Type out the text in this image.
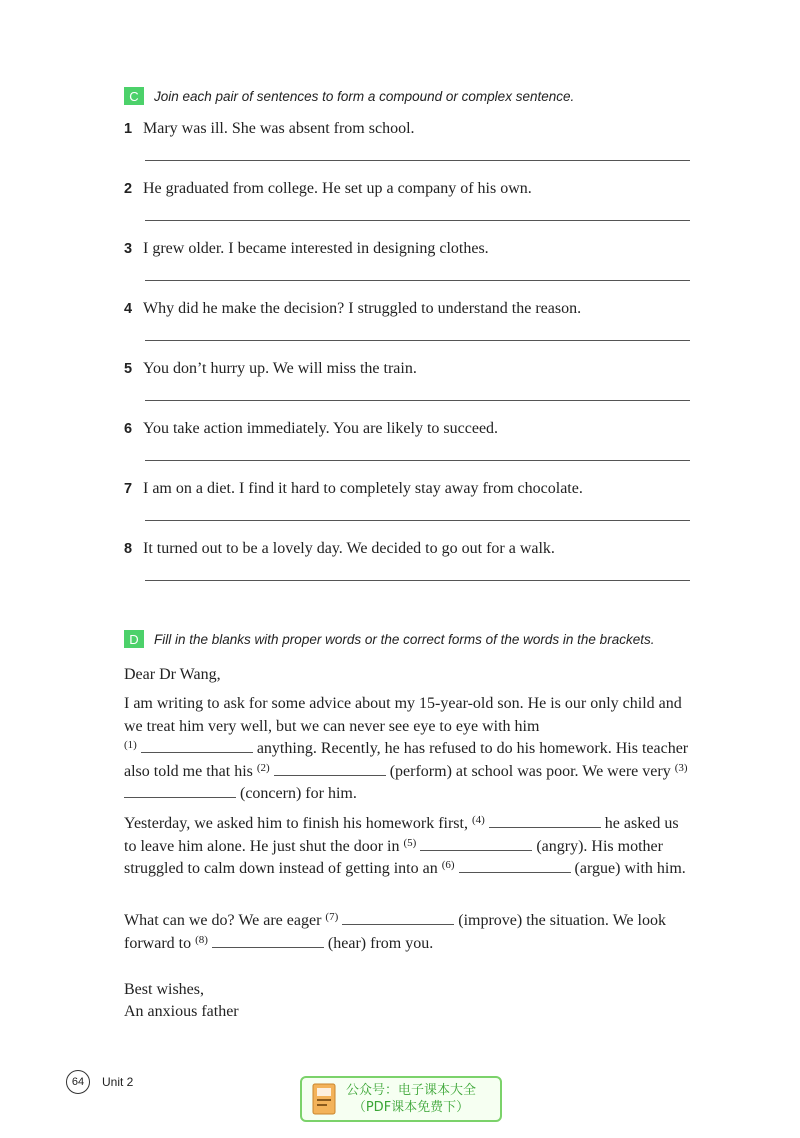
C	Join each pair of sentences to form a compound or complex sentence.
1 Mary was ill. She was absent from school.
2 He graduated from college. He set up a company of his own.
3 I grew older. I became interested in designing clothes.
4 Why did he make the decision? I struggled to understand the reason.
5 You don’t hurry up. We will miss the train.
6 You take action immediately. You are likely to succeed.
7 I am on a diet. I find it hard to completely stay away from chocolate.
8 It turned out to be a lovely day. We decided to go out for a walk.
D	Fill in the blanks with proper words or the correct forms of the words in the brackets.
Dear Dr Wang,

I am writing to ask for some advice about my 15-year-old son. He is our only child and we treat him very well, but we can never see eye to eye with him
$^{(1)}$	anything. Recently, he has refused to do his homework. His teacher also told me that his $^{(2)}$	(perform) at school was poor. We were very $^{(3)}$  (concern) for him.

Yesterday, we asked him to finish his homework first, $^{(4)}$	he asked us to leave him alone. He just shut the door in $^{(5)}$	(angry). His mother struggled to calm down instead of getting into an $^{(6)}$	(argue) with him.

What can we do? We are eager $^{(7)}$	(improve) the situation. We look forward to $^{(8)}$	(hear) from you.

Best wishes,
An anxious father
64	Unit 2
公众号：电子课本大全
（PDF课本免费下）
